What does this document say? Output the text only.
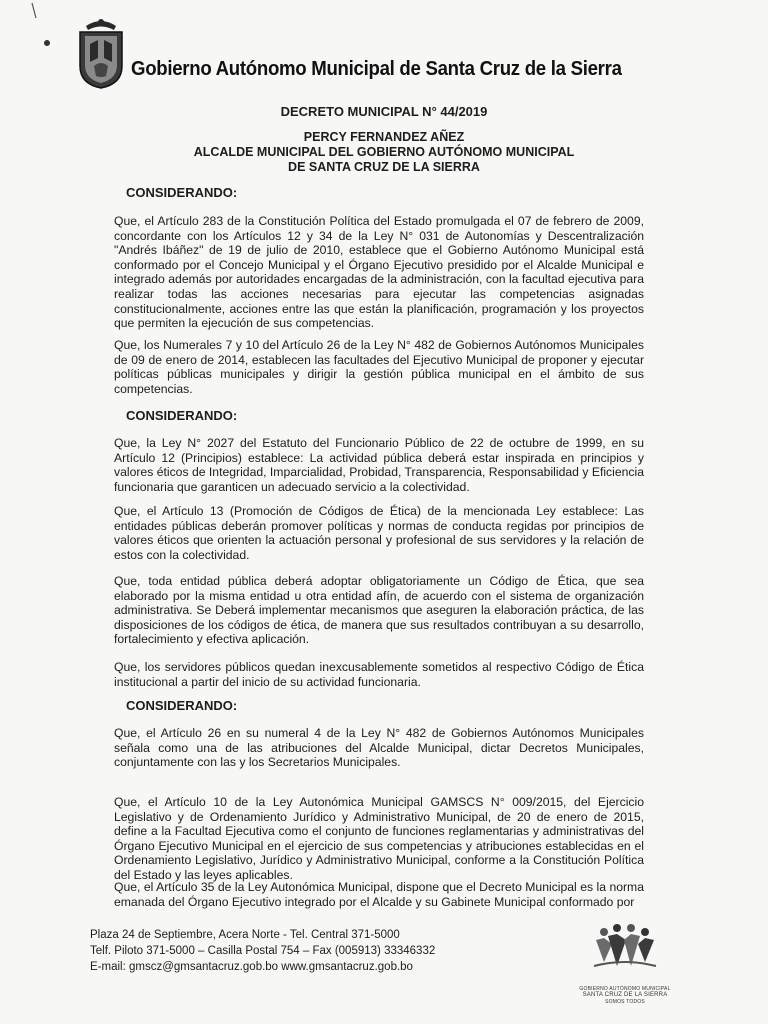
Gobierno Autónomo Municipal de Santa Cruz de la Sierra
DECRETO MUNICIPAL N° 44/2019
PERCY FERNANDEZ AÑEZ
ALCALDE MUNICIPAL DEL GOBIERNO AUTÓNOMO MUNICIPAL
DE SANTA CRUZ DE LA SIERRA
CONSIDERANDO:
Que, el Artículo 283 de la Constitución Política del Estado promulgada el 07 de febrero de 2009, concordante con los Artículos 12 y 34 de la Ley N° 031 de Autonomías y Descentralización "Andrés Ibáñez" de 19 de julio de 2010, establece que el Gobierno Autónomo Municipal está conformado por el Concejo Municipal y el Órgano Ejecutivo presidido por el Alcalde Municipal e integrado además por autoridades encargadas de la administración, con la facultad ejecutiva para realizar todas las acciones necesarias para ejecutar las competencias asignadas constitucionalmente, acciones entre las que están la planificación, programación y los proyectos que permiten la ejecución de sus competencias.
Que, los Numerales 7 y 10 del Artículo 26 de la Ley N° 482 de Gobiernos Autónomos Municipales de 09 de enero de 2014, establecen las facultades del Ejecutivo Municipal de proponer y ejecutar políticas públicas municipales y dirigir la gestión pública municipal en el ámbito de sus competencias.
CONSIDERANDO:
Que, la Ley N° 2027 del Estatuto del Funcionario Público de 22 de octubre de 1999, en su Artículo 12 (Principios) establece: La actividad pública deberá estar inspirada en principios y valores éticos de Integridad, Imparcialidad, Probidad, Transparencia, Responsabilidad y Eficiencia funcionaria que garanticen un adecuado servicio a la colectividad.
Que, el Artículo 13 (Promoción de Códigos de Ética) de la mencionada Ley establece: Las entidades públicas deberán promover políticas y normas de conducta regidas por principios de valores éticos que orienten la actuación personal y profesional de sus servidores y la relación de estos con la colectividad.
Que, toda entidad pública deberá adoptar obligatoriamente un Código de Ética, que sea elaborado por la misma entidad u otra entidad afín, de acuerdo con el sistema de organización administrativa. Se Deberá implementar mecanismos que aseguren la elaboración práctica, de las disposiciones de los códigos de ética, de manera que sus resultados contribuyan a su desarrollo, fortalecimiento y efectiva aplicación.
Que, los servidores públicos quedan inexcusablemente sometidos al respectivo Código de Ética institucional a partir del inicio de su actividad funcionaria.
CONSIDERANDO:
Que, el Artículo 26 en su numeral 4 de la Ley N° 482 de Gobiernos Autónomos Municipales señala como una de las atribuciones del Alcalde Municipal, dictar Decretos Municipales, conjuntamente con las y los Secretarios Municipales.
Que, el Artículo 10 de la Ley Autonómica Municipal GAMSCS N° 009/2015, del Ejercicio Legislativo y de Ordenamiento Jurídico y Administrativo Municipal, de 20 de enero de 2015, define a la Facultad Ejecutiva como el conjunto de funciones reglamentarias y administrativas del Órgano Ejecutivo Municipal en el ejercicio de sus competencias y atribuciones establecidas en el Ordenamiento Legislativo, Jurídico y Administrativo Municipal, conforme a la Constitución Política del Estado y las leyes aplicables.
Que, el Artículo 35 de la Ley Autonómica Municipal, dispone que el Decreto Municipal es la norma emanada del Órgano Ejecutivo integrado por el Alcalde y su Gabinete Municipal conformado por
Plaza 24 de Septiembre, Acera Norte - Tel. Central 371-5000
Telf. Piloto 371-5000 – Casilla Postal 754 – Fax (005913) 33346332
E-mail: gmscz@gmsantacruz.gob.bo www.gmsantacruz.gob.bo
GOBIERNO AUTÓNOMO MUNICIPAL
SANTA CRUZ DE LA SIERRA
SOMOS TODOS
